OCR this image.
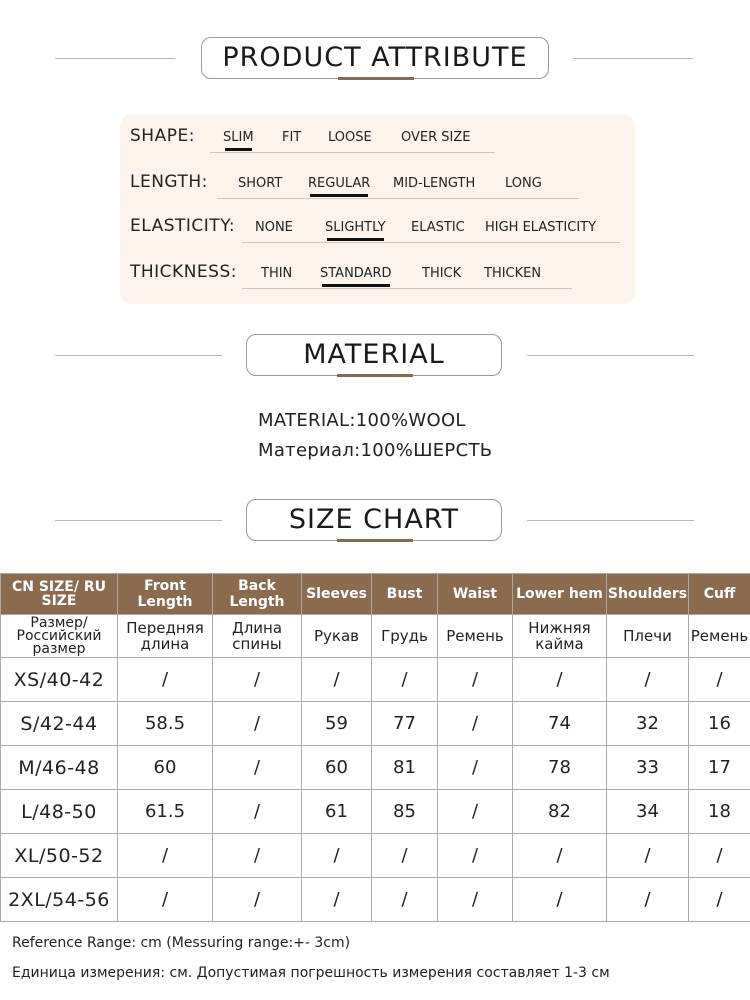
PRODUCT ATTRIBUTE
SHAPE: SLIM FIT LOOSE OVER SIZE
LENGTH: SHORT REGULAR MID-LENGTH LONG
ELASTICITY: NONE SLIGHTLY ELASTIC HIGH ELASTICITY
THICKNESS: THIN STANDARD THICK THICKEN
MATERIAL
MATERIAL:100%WOOL
Материал:100%ШЕРСТЬ
SIZE CHART
CN SIZE/ RU SIZE	Front Length	Back Length	Sleeves	Bust	Waist	Lower hem	Shoulders	Cuff
Размер/ Российский размер	Передняя длина	Длина спины	Рукав	Грудь	Ремень	Нижняя кайма	Плечи	Ремень
XS/40-42	/	/	/	/	/	/	/	/
S/42-44	58.5	/	59	77	/	74	32	16
M/46-48	60	/	60	81	/	78	33	17
L/48-50	61.5	/	61	85	/	82	34	18
XL/50-52	/	/	/	/	/	/	/	/
2XL/54-56	/	/	/	/	/	/	/	/
Reference Range: cm (Messuring range:+- 3cm)
Единица измерения: см. Допустимая погрешность измерения составляет 1-3 см
